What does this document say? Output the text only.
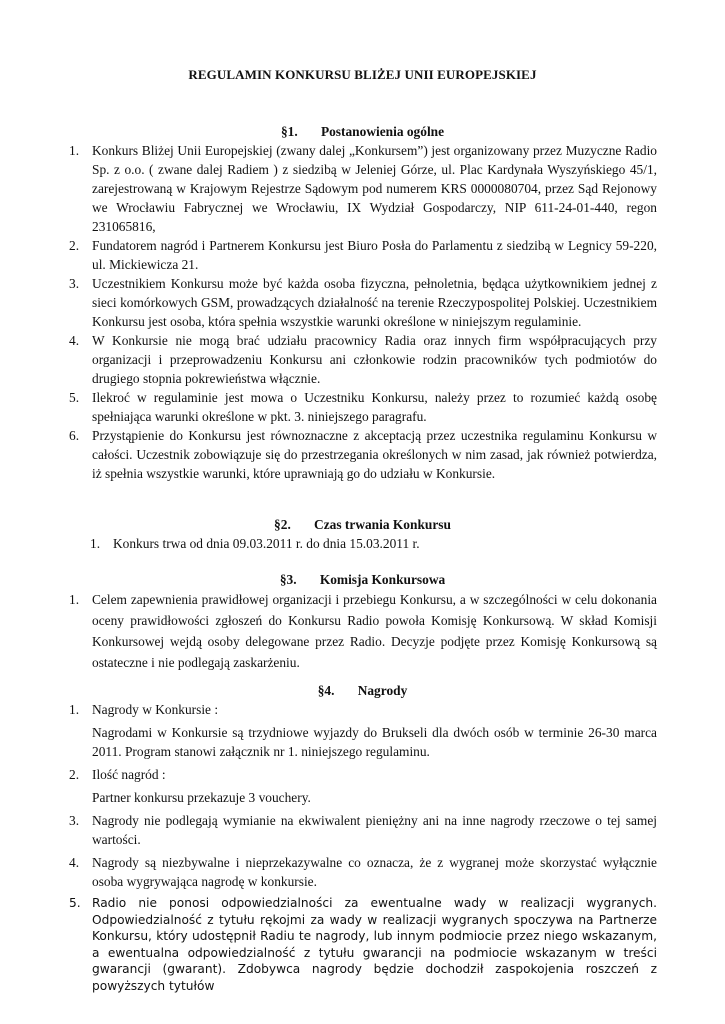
REGULAMIN KONKURSU BLIŻEJ UNII EUROPEJSKIEJ
§1. Postanowienia ogólne
1. Konkurs Bliżej Unii Europejskiej (zwany dalej „Konkursem”) jest organizowany przez Muzyczne Radio Sp. z o.o. ( zwane dalej Radiem ) z siedzibą w Jeleniej Górze, ul. Plac Kardynała Wyszyńskiego 45/1, zarejestrowaną w Krajowym Rejestrze Sądowym pod numerem KRS 0000080704, przez Sąd Rejonowy we Wrocławiu Fabrycznej we Wrocławiu, IX Wydział Gospodarczy, NIP 611-24-01-440, regon 231065816,
2. Fundatorem nagród i Partnerem Konkursu jest Biuro Posła do Parlamentu z siedzibą w Legnicy 59-220, ul. Mickiewicza 21.
3. Uczestnikiem Konkursu może być każda osoba fizyczna, pełnoletnia, będąca użytkownikiem jednej z sieci komórkowych GSM, prowadzących działalność na terenie Rzeczypospolitej Polskiej. Uczestnikiem Konkursu jest osoba, która spełnia wszystkie warunki określone w niniejszym regulaminie.
4. W Konkursie nie mogą brać udziału pracownicy Radia oraz innych firm współpracujących przy organizacji i przeprowadzeniu Konkursu ani członkowie rodzin pracowników tych podmiotów do drugiego stopnia pokrewieństwa włącznie.
5. Ilekroć w regulaminie jest mowa o Uczestniku Konkursu, należy przez to rozumieć każdą osobę spełniająca warunki określone w pkt. 3. niniejszego paragrafu.
6. Przystąpienie do Konkursu jest równoznaczne z akceptacją przez uczestnika regulaminu Konkursu w całości. Uczestnik zobowiązuje się do przestrzegania określonych w nim zasad, jak również potwierdza, iż spełnia wszystkie warunki, które uprawniają go do udziału w Konkursie.
§2. Czas trwania Konkursu
1. Konkurs trwa od dnia 09.03.2011 r. do dnia 15.03.2011 r.
§3. Komisja Konkursowa
1. Celem zapewnienia prawidłowej organizacji i przebiegu Konkursu, a w szczególności w celu dokonania oceny prawidłowości zgłoszeń do Konkursu Radio powoła Komisję Konkursową. W skład Komisji Konkursowej wejdą osoby delegowane przez Radio. Decyzje podjęte przez Komisję Konkursową są ostateczne i nie podlegają zaskarżeniu.
§4. Nagrody
1. Nagrody w Konkursie :
Nagrodami w Konkursie są trzydniowe wyjazdy do Brukseli dla dwóch osób w terminie 26-30 marca 2011. Program stanowi załącznik nr 1. niniejszego regulaminu.
2. Ilość nagród :
Partner konkursu przekazuje 3 vouchery.
3. Nagrody nie podlegają wymianie na ekwiwalent pieniężny ani na inne nagrody rzeczowe o tej samej wartości.
4. Nagrody są niezbywalne i nieprzekazywalne co oznacza, że z wygranej może skorzystać wyłącznie osoba wygrywająca nagrodę w konkursie.
5. Radio nie ponosi odpowiedzialności za ewentualne wady w realizacji wygranych. Odpowiedzialność z tytułu rękojmi za wady w realizacji wygranych spoczywa na Partnerze Konkursu, który udostępnił Radiu te nagrody, lub innym podmiocie przez niego wskazanym, a ewentualna odpowiedzialność z tytułu gwarancji na podmiocie wskazanym w treści gwarancji (gwarant). Zdobywca nagrody będzie dochodził zaspokojenia roszczeń z powyższych tytułów
